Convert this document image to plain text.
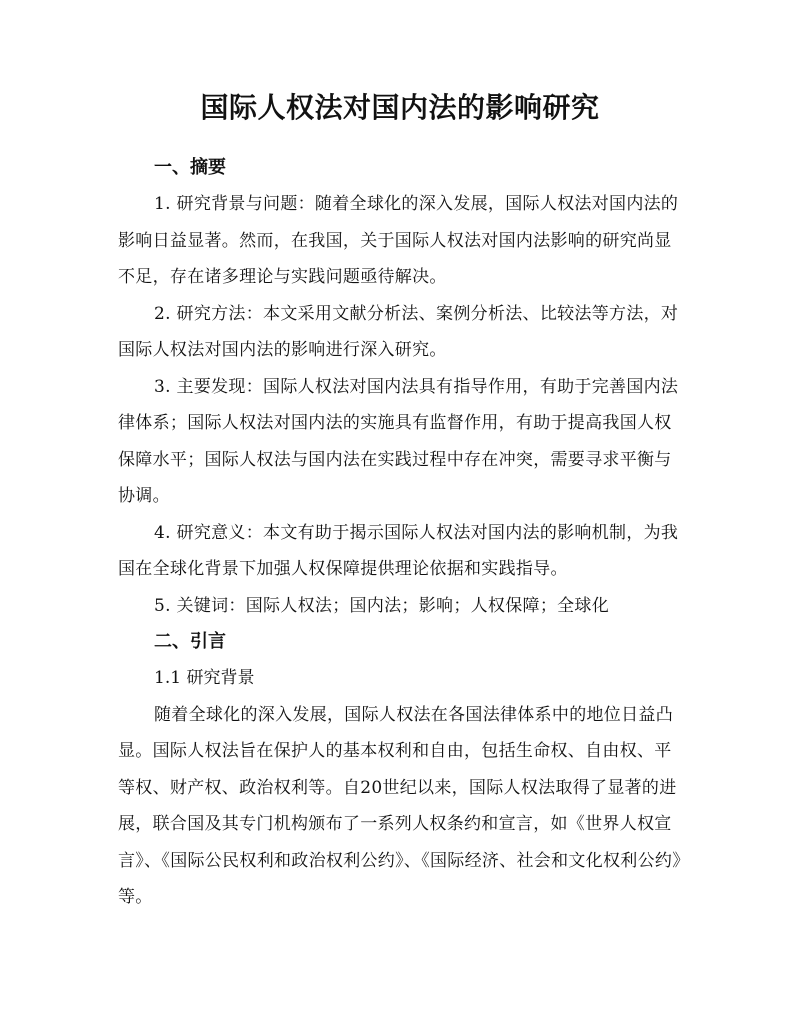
国际人权法对国内法的影响研究
一、摘要

1. 研究背景与问题：随着全球化的深入发展，国际人权法对国内法的影响日益显著。然而，在我国，关于国际人权法对国内法影响的研究尚显不足，存在诸多理论与实践问题亟待解决。

2. 研究方法：本文采用文献分析法、案例分析法、比较法等方法，对国际人权法对国内法的影响进行深入研究。

3. 主要发现：国际人权法对国内法具有指导作用，有助于完善国内法律体系；国际人权法对国内法的实施具有监督作用，有助于提高我国人权保障水平；国际人权法与国内法在实践过程中存在冲突，需要寻求平衡与协调。

4. 研究意义：本文有助于揭示国际人权法对国内法的影响机制，为我国在全球化背景下加强人权保障提供理论依据和实践指导。

5. 关键词：国际人权法；国内法；影响；人权保障；全球化

二、引言

1.1 研究背景

随着全球化的深入发展，国际人权法在各国法律体系中的地位日益凸显。国际人权法旨在保护人的基本权利和自由，包括生命权、自由权、平等权、财产权、政治权利等。自20世纪以来，国际人权法取得了显著的进展，联合国及其专门机构颁布了一系列人权条约和宣言，如《世界人权宣言》、《国际公民权利和政治权利公约》、《国际经济、社会和文化权利公约》等。
